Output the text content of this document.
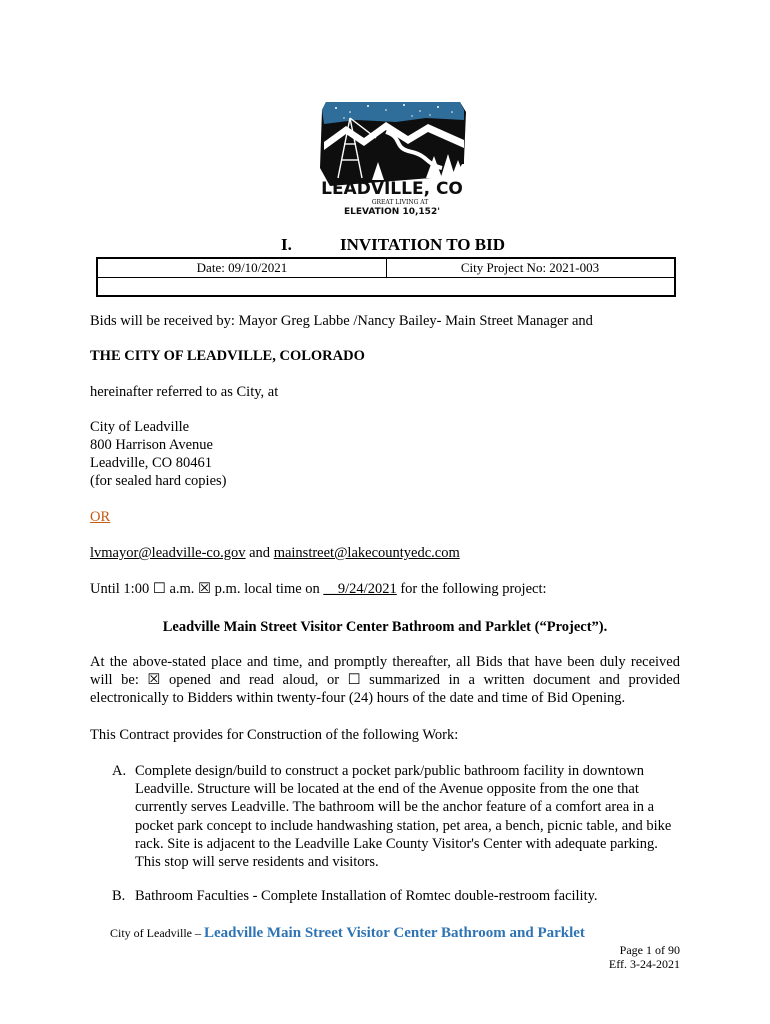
LEADVILLE, CO
GREAT LIVING AT
ELEVATION 10,152'
I.	INVITATION TO BID
Date: 09/10/2021	City Project No: 2021-003
Bids will be received by: Mayor Greg Labbe /Nancy Bailey- Main Street Manager and
THE CITY OF LEADVILLE, COLORADO
hereinafter referred to as City, at
City of Leadville
800 Harrison Avenue
Leadville, CO 80461
(for sealed hard copies)
OR
lvmayor@leadville-co.gov and mainstreet@lakecountyedc.com
Until 1:00 ☐ a.m. ☒ p.m. local time on __9/24/2021 for the following project:
Leadville Main Street Visitor Center Bathroom and Parklet (“Project”).
At the above-stated place and time, and promptly thereafter, all Bids that have been duly received will be: ☒ opened and read aloud, or ☐ summarized in a written document and provided electronically to Bidders within twenty-four (24) hours of the date and time of Bid Opening.
This Contract provides for Construction of the following Work:
A. Complete design/build to construct a pocket park/public bathroom facility in downtown Leadville. Structure will be located at the end of the Avenue opposite from the one that currently serves Leadville. The bathroom will be the anchor feature of a comfort area in a pocket park concept to include handwashing station, pet area, a bench, picnic table, and bike rack. Site is adjacent to the Leadville Lake County Visitor's Center with adequate parking. This stop will serve residents and visitors.
B. Bathroom Faculties - Complete Installation of Romtec double-restroom facility.
City of Leadville – Leadville Main Street Visitor Center Bathroom and Parklet
Page 1 of 90
Eff. 3-24-2021
